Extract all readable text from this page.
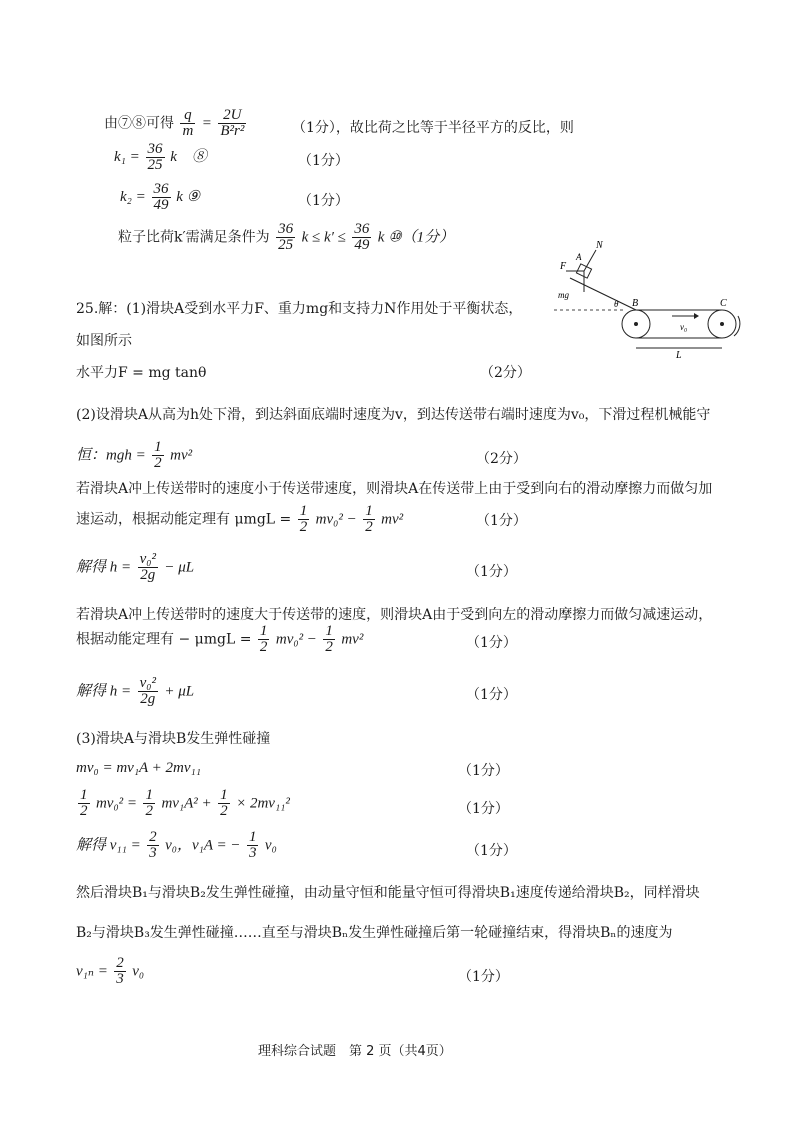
由⑦⑧可得 $\frac{q}{m} = \frac{2U}{\text{B²r²}}$	（1分），故比荷之比等于半径平方的反比，则
$k_1 = \frac{36}{25}$ k　⑧	（1分）
$k_2 = \frac{36}{49}$ k ⑨	（1分）
粒子比荷k′需满足条件为 $\frac{36}{25}$ $k \le k' \le \frac{36}{49}$ k ⑩（1分）
25.解：(1)滑块A受到水平力F、重力mg和支持力N作用处于平衡状态，
如图所示
水平力F = mg tanθ	（2分）
F
N
A
mg
θ B	C
v₀
L
(2)设滑块A从高为h处下滑，到达斜面底端时速度为v，到达传送带右端时速度为v₀，下滑过程机械能守
恒：mgh = $\frac{1}{2} mv^2$	（2分）
若滑块A冲上传送带时的速度小于传送带速度，则滑块A在传送带上由于受到向右的滑动摩擦力而做匀加
速运动，根据动能定理有 $\mu mgL = \frac{1}{2} mv_0^2 - \frac{1}{2} mv^2$	（1分）
解得 $h = \frac{\text{v₀²}}{2g} - \mu L$	（1分）
若滑块A冲上传送带时的速度大于传送带的速度，则滑块A由于受到向左的滑动摩擦力而做匀减速运动，
根据动能定理有 − $\mu mgL = \frac{1}{2} mv_0^2 - \frac{1}{2} mv^2$	（1分）
解得 $h = \frac{\text{v₀²}}{2g} + \mu L$	（1分）
(3)滑块A与滑块B发生弹性碰撞
mv₀ = mv₁A + 2mv₁₁	（1分）
$\frac{1}{2} mv_0^2 = \frac{1}{2} mv_1A^2 + \frac{1}{2} \times 2mv_{11}^2$	（1分）
解得 $v_{11} = \frac{2}{3} v_0$，v₁A = − $\frac{1}{3} v_0$	（1分）
然后滑块B₁与滑块B₂发生弹性碰撞，由动量守恒和能量守恒可得滑块B₁速度传递给滑块B₂，同样滑块
B₂与滑块B₃发生弹性碰撞……直至与滑块Bₙ发生弹性碰撞后第一轮碰撞结束，得滑块Bₙ的速度为
$v_{1n} = \frac{2}{3} v_0$	（1分）
理科综合试题　第 2 页（共4页）
